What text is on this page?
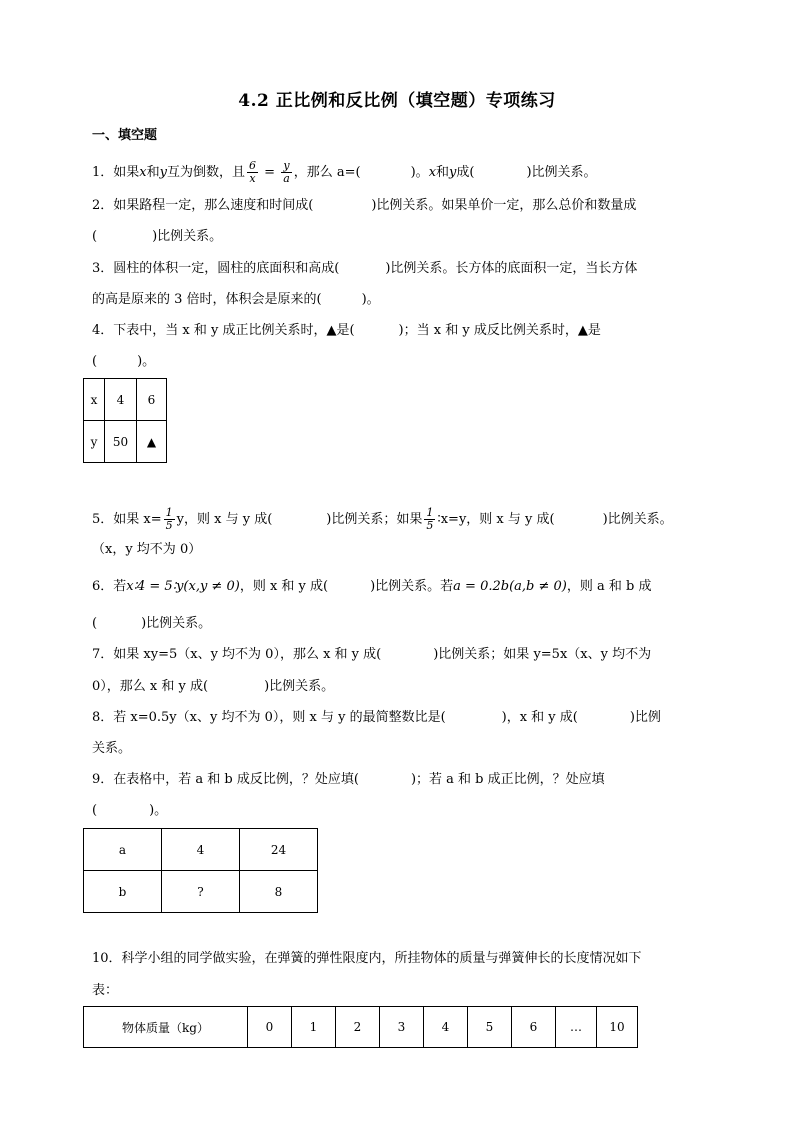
4.2 正比例和反比例（填空题）专项练习
一、填空题
1．如果x和y互为倒数，且 $\frac{6}{x} = \frac{y}{a}$ ，那么 a=(	)。x和y成(	)比例关系。
2．如果路程一定，那么速度和时间成(	)比例关系。如果单价一定，那么总价和数量成
(	)比例关系。
3．圆柱的体积一定，圆柱的底面积和高成(	)比例关系。长方体的底面积一定，当长方体
的高是原来的 3 倍时，体积会是原来的(	)。
4．下表中，当 x 和 y 成正比例关系时，▲是(	)；当 x 和 y 成反比例关系时，▲是
(	)。
x	4	6
y	50	▲
5．如果 $x= \frac{1}{5}$ y，则 x 与 y 成(	)比例关系；如果 $\frac{1}{5}$ ∶x=y，则 x 与 y 成(	)比例关系。
（x，y 均不为 0）
6．若x∶4 = 5∶y(x,y ≠ 0)，则 x 和 y 成(	)比例关系。若a = 0.2b(a,b ≠ 0)，则 a 和 b 成
(	)比例关系。
7．如果 xy=5（x、y 均不为 0），那么 x 和 y 成(	)比例关系；如果 y=5x（x、y 均不为
0），那么 x 和 y 成(	)比例关系。
8．若 x=0.5y（x、y 均不为 0），则 x 与 y 的最简整数比是(	)，x 和 y 成(	)比例
关系。
9．在表格中，若 a 和 b 成反比例，？处应填(	)；若 a 和 b 成正比例，？处应填
(	)。
a	4	24
b	?	8
10．科学小组的同学做实验，在弹簧的弹性限度内，所挂物体的质量与弹簧伸长的长度情况如下
表：
物体质量（kg）	0	1	2	3	4	5	6	…	10
